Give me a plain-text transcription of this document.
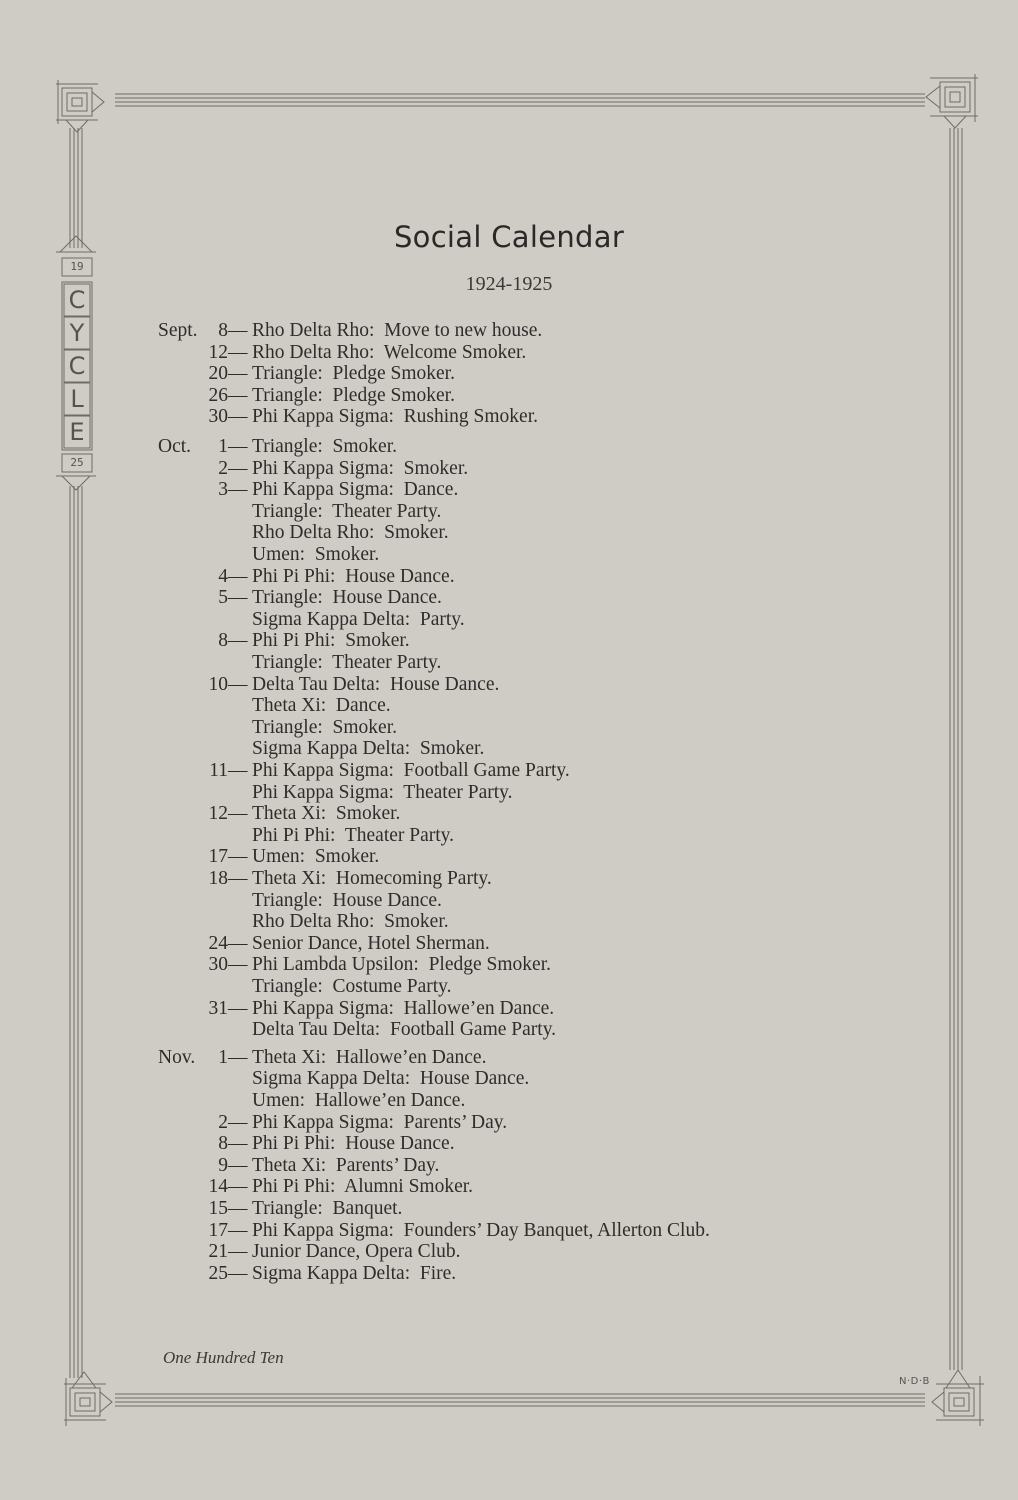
19
C
Y
C
L
E
25
Social Calendar
1924-1925
Sept. 8 — Rho Delta Rho:  Move to new house.
12 — Rho Delta Rho:  Welcome Smoker.
20 — Triangle:  Pledge Smoker.
26 — Triangle:  Pledge Smoker.
30 — Phi Kappa Sigma:  Rushing Smoker.
Oct. 1 — Triangle:  Smoker.
2 — Phi Kappa Sigma:  Smoker.
3 — Phi Kappa Sigma:  Dance.
Triangle:  Theater Party.
Rho Delta Rho:  Smoker.
Umen:  Smoker.
4 — Phi Pi Phi:  House Dance.
5 — Triangle:  House Dance.
Sigma Kappa Delta:  Party.
8 — Phi Pi Phi:  Smoker.
Triangle:  Theater Party.
10 — Delta Tau Delta:  House Dance.
Theta Xi:  Dance.
Triangle:  Smoker.
Sigma Kappa Delta:  Smoker.
11 — Phi Kappa Sigma:  Football Game Party.
Phi Kappa Sigma:  Theater Party.
12 — Theta Xi:  Smoker.
Phi Pi Phi:  Theater Party.
17 — Umen:  Smoker.
18 — Theta Xi:  Homecoming Party.
Triangle:  House Dance.
Rho Delta Rho:  Smoker.
24 — Senior Dance, Hotel Sherman.
30 — Phi Lambda Upsilon:  Pledge Smoker.
Triangle:  Costume Party.
31 — Phi Kappa Sigma:  Hallowe’en Dance.
Delta Tau Delta:  Football Game Party.
Nov. 1 — Theta Xi:  Hallowe’en Dance.
Sigma Kappa Delta:  House Dance.
Umen:  Hallowe’en Dance.
2 — Phi Kappa Sigma:  Parents’ Day.
8 — Phi Pi Phi:  House Dance.
9 — Theta Xi:  Parents’ Day.
14 — Phi Pi Phi:  Alumni Smoker.
15 — Triangle:  Banquet.
17 — Phi Kappa Sigma:  Founders’ Day Banquet, Allerton Club.
21 — Junior Dance, Opera Club.
25 — Sigma Kappa Delta:  Fire.
One Hundred Ten
N·D·B
